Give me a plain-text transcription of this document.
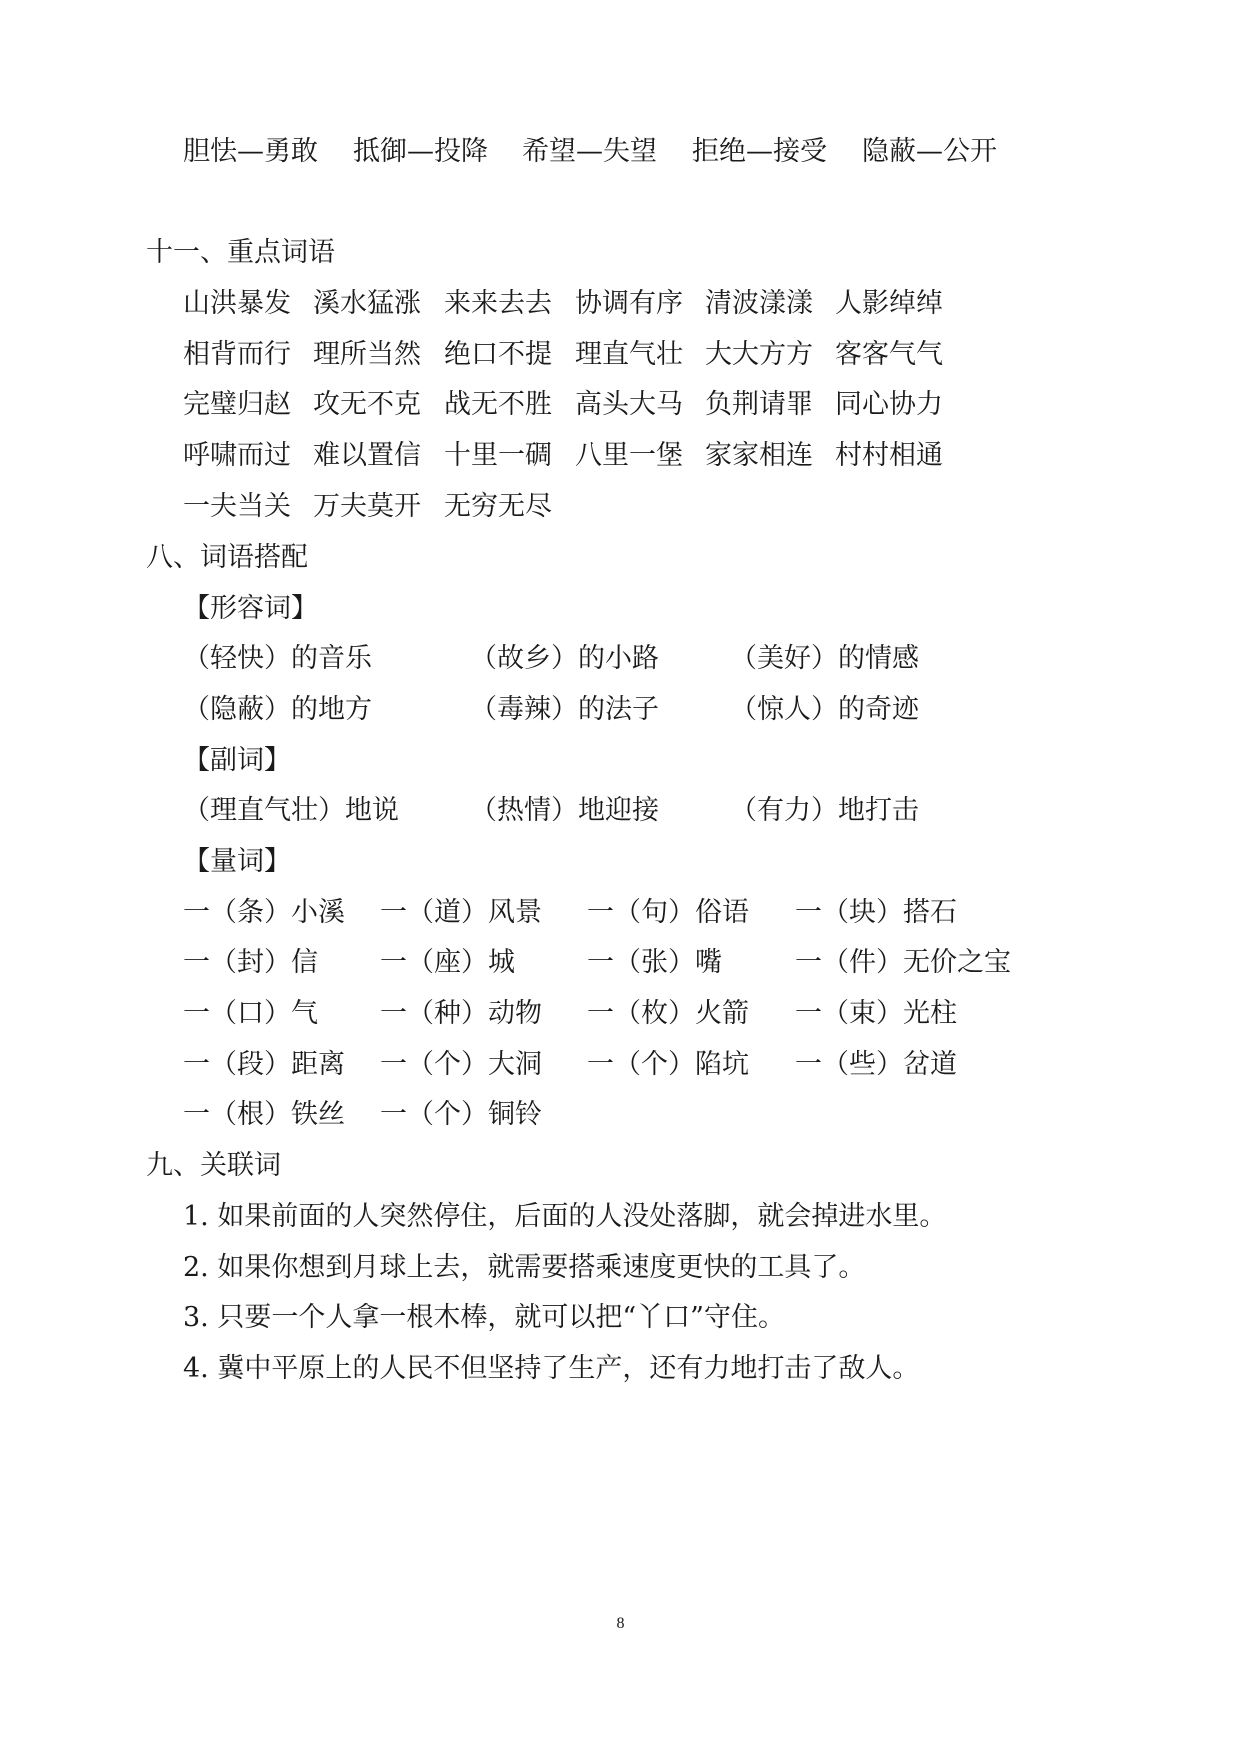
胆怯—勇敢 抵御—投降 希望—失望 拒绝—接受 隐蔽—公开
十一、重点词语
山洪暴发 溪水猛涨 来来去去 协调有序 清波漾漾 人影绰绰
相背而行 理所当然 绝口不提 理直气壮 大大方方 客客气气
完璧归赵 攻无不克 战无不胜 高头大马 负荆请罪 同心协力
呼啸而过 难以置信 十里一碉 八里一堡 家家相连 村村相通
一夫当关 万夫莫开 无穷无尽
八、词语搭配
【形容词】
（轻快）的音乐	（故乡）的小路	（美好）的情感
（隐蔽）的地方	（毒辣）的法子	（惊人）的奇迹
【副词】
（理直气壮）地说	（热情）地迎接	（有力）地打击
【量词】
一（条）小溪 一（道）风景 一（句）俗语 一（块）搭石
一（封）信 一（座）城	一（张）嘴	一（件）无价之宝
一（口）气 一（种）动物 一（枚）火箭 一（束）光柱
一（段）距离 一（个）大洞 一（个）陷坑 一（些）岔道
一（根）铁丝 一（个）铜铃
九、关联词
1. 如果前面的人突然停住，后面的人没处落脚，就会掉进水里。
2. 如果你想到月球上去，就需要搭乘速度更快的工具了。
3. 只要一个人拿一根木棒，就可以把“丫口”守住。
4. 冀中平原上的人民不但坚持了生产，还有力地打击了敌人。
8
